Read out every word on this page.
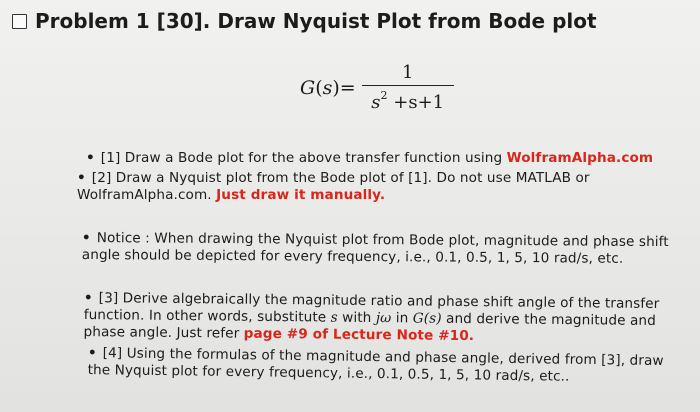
Problem 1 [30]. Draw Nyquist Plot from Bode plot
$G(s)= \frac{1}{s^2 +s+1}$
• [1] Draw a Bode plot for the above transfer function using WolframAlpha.com
• [2] Draw a Nyquist plot from the Bode plot of [1]. Do not use MATLAB or WolframAlpha.com. Just draw it manually.
• Notice : When drawing the Nyquist plot from Bode plot, magnitude and phase shift angle should be depicted for every frequency, i.e., 0.1, 0.5, 1, 5, 10 rad/s, etc.
• [3] Derive algebraically the magnitude ratio and phase shift angle of the transfer function. In other words, substitute s with jω in G(s) and derive the magnitude and phase angle. Just refer page #9 of Lecture Note #10.
• [4] Using the formulas of the magnitude and phase angle, derived from [3], draw the Nyquist plot for every frequency, i.e., 0.1, 0.5, 1, 5, 10 rad/s, etc..
